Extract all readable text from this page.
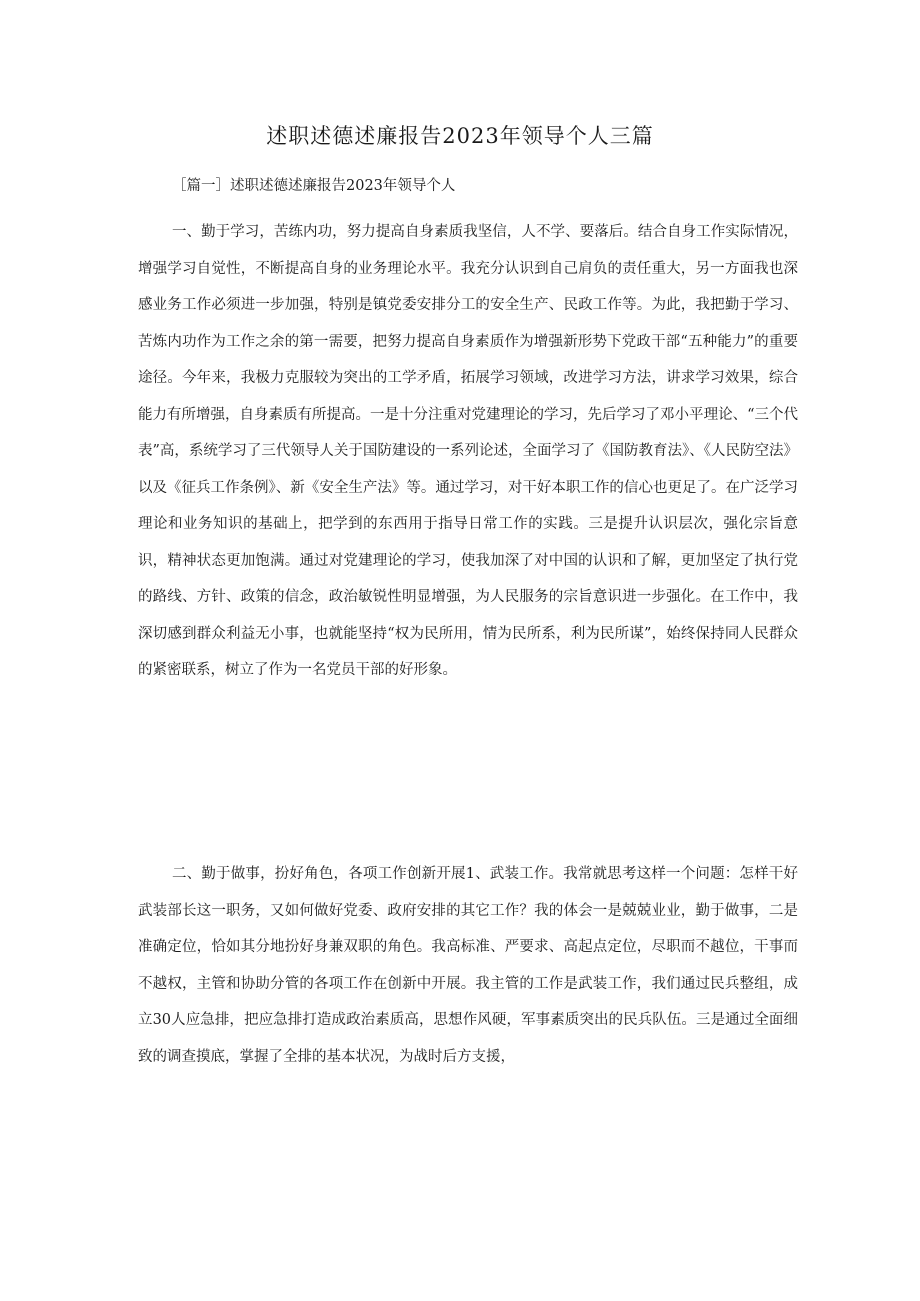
述职述德述廉报告2023年领导个人三篇

［篇一］述职述德述廉报告2023年领导个人

一、勤于学习，苦练内功，努力提高自身素质我坚信，人不学、要落后。结合自身工作实际情况，增强学习自觉性，不断提高自身的业务理论水平。我充分认识到自己肩负的责任重大，另一方面我也深感业务工作必须进一步加强，特别是镇党委安排分工的安全生产、民政工作等。为此，我把勤于学习、苦炼内功作为工作之余的第一需要，把努力提高自身素质作为增强新形势下党政干部“五种能力”的重要途径。今年来，我极力克服较为突出的工学矛盾，拓展学习领域，改进学习方法，讲求学习效果，综合能力有所增强，自身素质有所提高。一是十分注重对党建理论的学习，先后学习了邓小平理论、“三个代表”高，系统学习了三代领导人关于国防建设的一系列论述，全面学习了《国防教育法》、《人民防空法》以及《征兵工作条例》、新《安全生产法》等。通过学习，对干好本职工作的信心也更足了。在广泛学习理论和业务知识的基础上，把学到的东西用于指导日常工作的实践。三是提升认识层次，强化宗旨意识，精神状态更加饱满。通过对党建理论的学习，使我加深了对中国的认识和了解，更加坚定了执行党的路线、方针、政策的信念，政治敏锐性明显增强，为人民服务的宗旨意识进一步强化。在工作中，我深切感到群众利益无小事，也就能坚持“权为民所用，情为民所系，利为民所谋”，始终保持同人民群众的紧密联系，树立了作为一名党员干部的好形象。

二、勤于做事，扮好角色，各项工作创新开展1、武装工作。我常就思考这样一个问题：怎样干好武装部长这一职务，又如何做好党委、政府安排的其它工作？我的体会一是兢兢业业，勤于做事，二是准确定位，恰如其分地扮好身兼双职的角色。我高标准、严要求、高起点定位，尽职而不越位，干事而不越权，主管和协助分管的各项工作在创新中开展。我主管的工作是武装工作，我们通过民兵整组，成立30人应急排，把应急排打造成政治素质高，思想作风硬，军事素质突出的民兵队伍。三是通过全面细致的调查摸底，掌握了全排的基本状况，为战时后方支援，
